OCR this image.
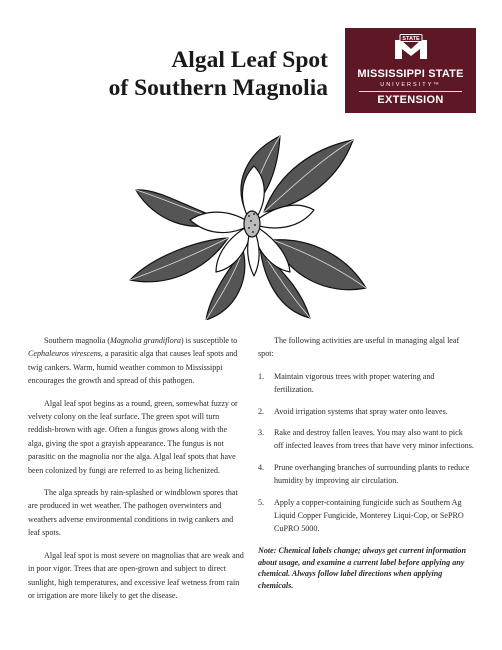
Algal Leaf Spot
of Southern Magnolia
STATE
MISSISSIPPI STATE
UNIVERSITY™
EXTENSION

Southern magnolia (Magnolia grandiflora) is susceptible to Cephaleuros virescens, a parasitic alga that causes leaf spots and twig cankers. Warm, humid weather common to Mississippi encourages the growth and spread of this pathogen.

Algal leaf spot begins as a round, green, somewhat fuzzy or velvety colony on the leaf surface. The green spot will turn reddish-brown with age. Often a fungus grows along with the alga, giving the spot a grayish appearance. The fungus is not parasitic on the magnolia nor the alga. Algal leaf spots that have been colonized by fungi are referred to as being lichenized.

The alga spreads by rain-splashed or windblown spores that are produced in wet weather. The pathogen overwinters and weathers adverse environmental conditions in twig cankers and leaf spots.

Algal leaf spot is most severe on magnolias that are weak and in poor vigor. Trees that are open-grown and subject to direct sunlight, high temperatures, and excessive leaf wetness from rain or irrigation are more likely to get the disease.

The following activities are useful in managing algal leaf spot:

1. Maintain vigorous trees with proper watering and fertilization.
2. Avoid irrigation systems that spray water onto leaves.
3. Rake and destroy fallen leaves. You may also want to pick off infected leaves from trees that have very minor infections.
4. Prune overhanging branches of surrounding plants to reduce humidity by improving air circulation.
5. Apply a copper-containing fungicide such as Southern Ag Liquid Copper Fungicide, Monterey Liqui-Cop, or SePRO CuPRO 5000.
Note: Chemical labels change; always get current information about usage, and examine a current label before applying any chemical. Always follow label directions when applying chemicals.
